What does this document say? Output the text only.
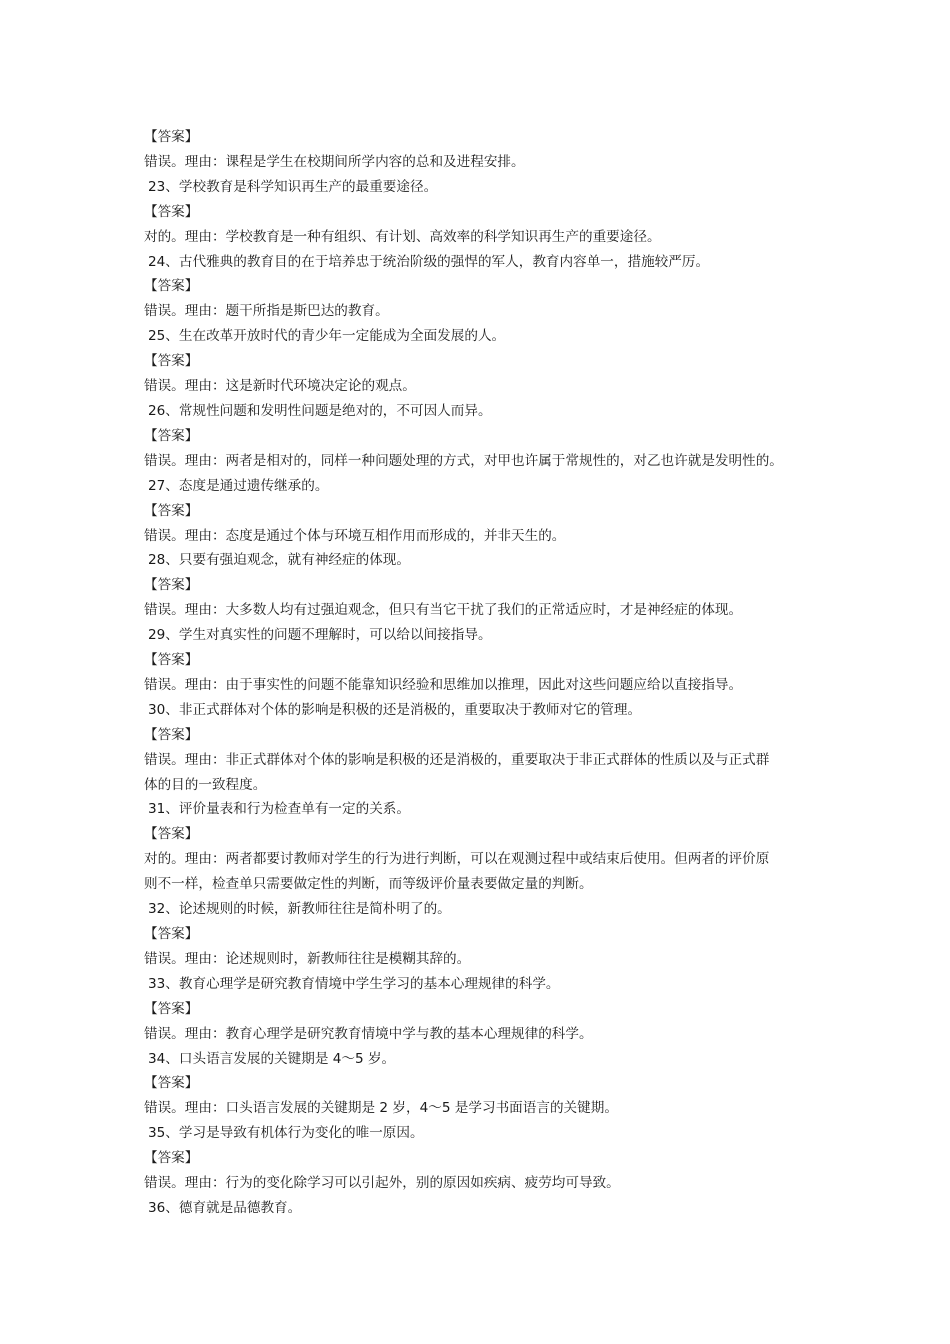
【答案】

错误。理由：课程是学生在校期间所学内容的总和及进程安排。

23、学校教育是科学知识再生产的最重要途径。

【答案】

对的。理由：学校教育是一种有组织、有计划、高效率的科学知识再生产的重要途径。

24、古代雅典的教育目的在于培养忠于统治阶级的强悍的军人，教育内容单一，措施较严厉。

【答案】

错误。理由：题干所指是斯巴达的教育。

25、生在改革开放时代的青少年一定能成为全面发展的人。

【答案】

错误。理由：这是新时代环境决定论的观点。

26、常规性问题和发明性问题是绝对的，不可因人而异。

【答案】

错误。理由：两者是相对的，同样一种问题处理的方式，对甲也许属于常规性的，对乙也许就是发明性的。

27、态度是通过遗传继承的。

【答案】

错误。理由：态度是通过个体与环境互相作用而形成的，并非天生的。

28、只要有强迫观念，就有神经症的体现。

【答案】

错误。理由：大多数人均有过强迫观念，但只有当它干扰了我们的正常适应时，才是神经症的体现。

29、学生对真实性的问题不理解时，可以给以间接指导。

【答案】

错误。理由：由于事实性的问题不能靠知识经验和思维加以推理，因此对这些问题应给以直接指导。

30、非正式群体对个体的影响是积极的还是消极的，重要取决于教师对它的管理。

【答案】

错误。理由：非正式群体对个体的影响是积极的还是消极的，重要取决于非正式群体的性质以及与正式群

体的目的一致程度。

31、评价量表和行为检查单有一定的关系。

【答案】

对的。理由：两者都要讨教师对学生的行为进行判断，可以在观测过程中或结束后使用。但两者的评价原

则不一样，检查单只需要做定性的判断，而等级评价量表要做定量的判断。

32、论述规则的时候，新教师往往是简朴明了的。

【答案】

错误。理由：论述规则时，新教师往往是模糊其辞的。

33、教育心理学是研究教育情境中学生学习的基本心理规律的科学。

【答案】

错误。理由：教育心理学是研究教育情境中学与教的基本心理规律的科学。

34、口头语言发展的关键期是 4～5 岁。

【答案】

错误。理由：口头语言发展的关键期是 2 岁，4～5 是学习书面语言的关键期。

35、学习是导致有机体行为变化的唯一原因。

【答案】

错误。理由：行为的变化除学习可以引起外，别的原因如疾病、疲劳均可导致。

36、德育就是品德教育。
